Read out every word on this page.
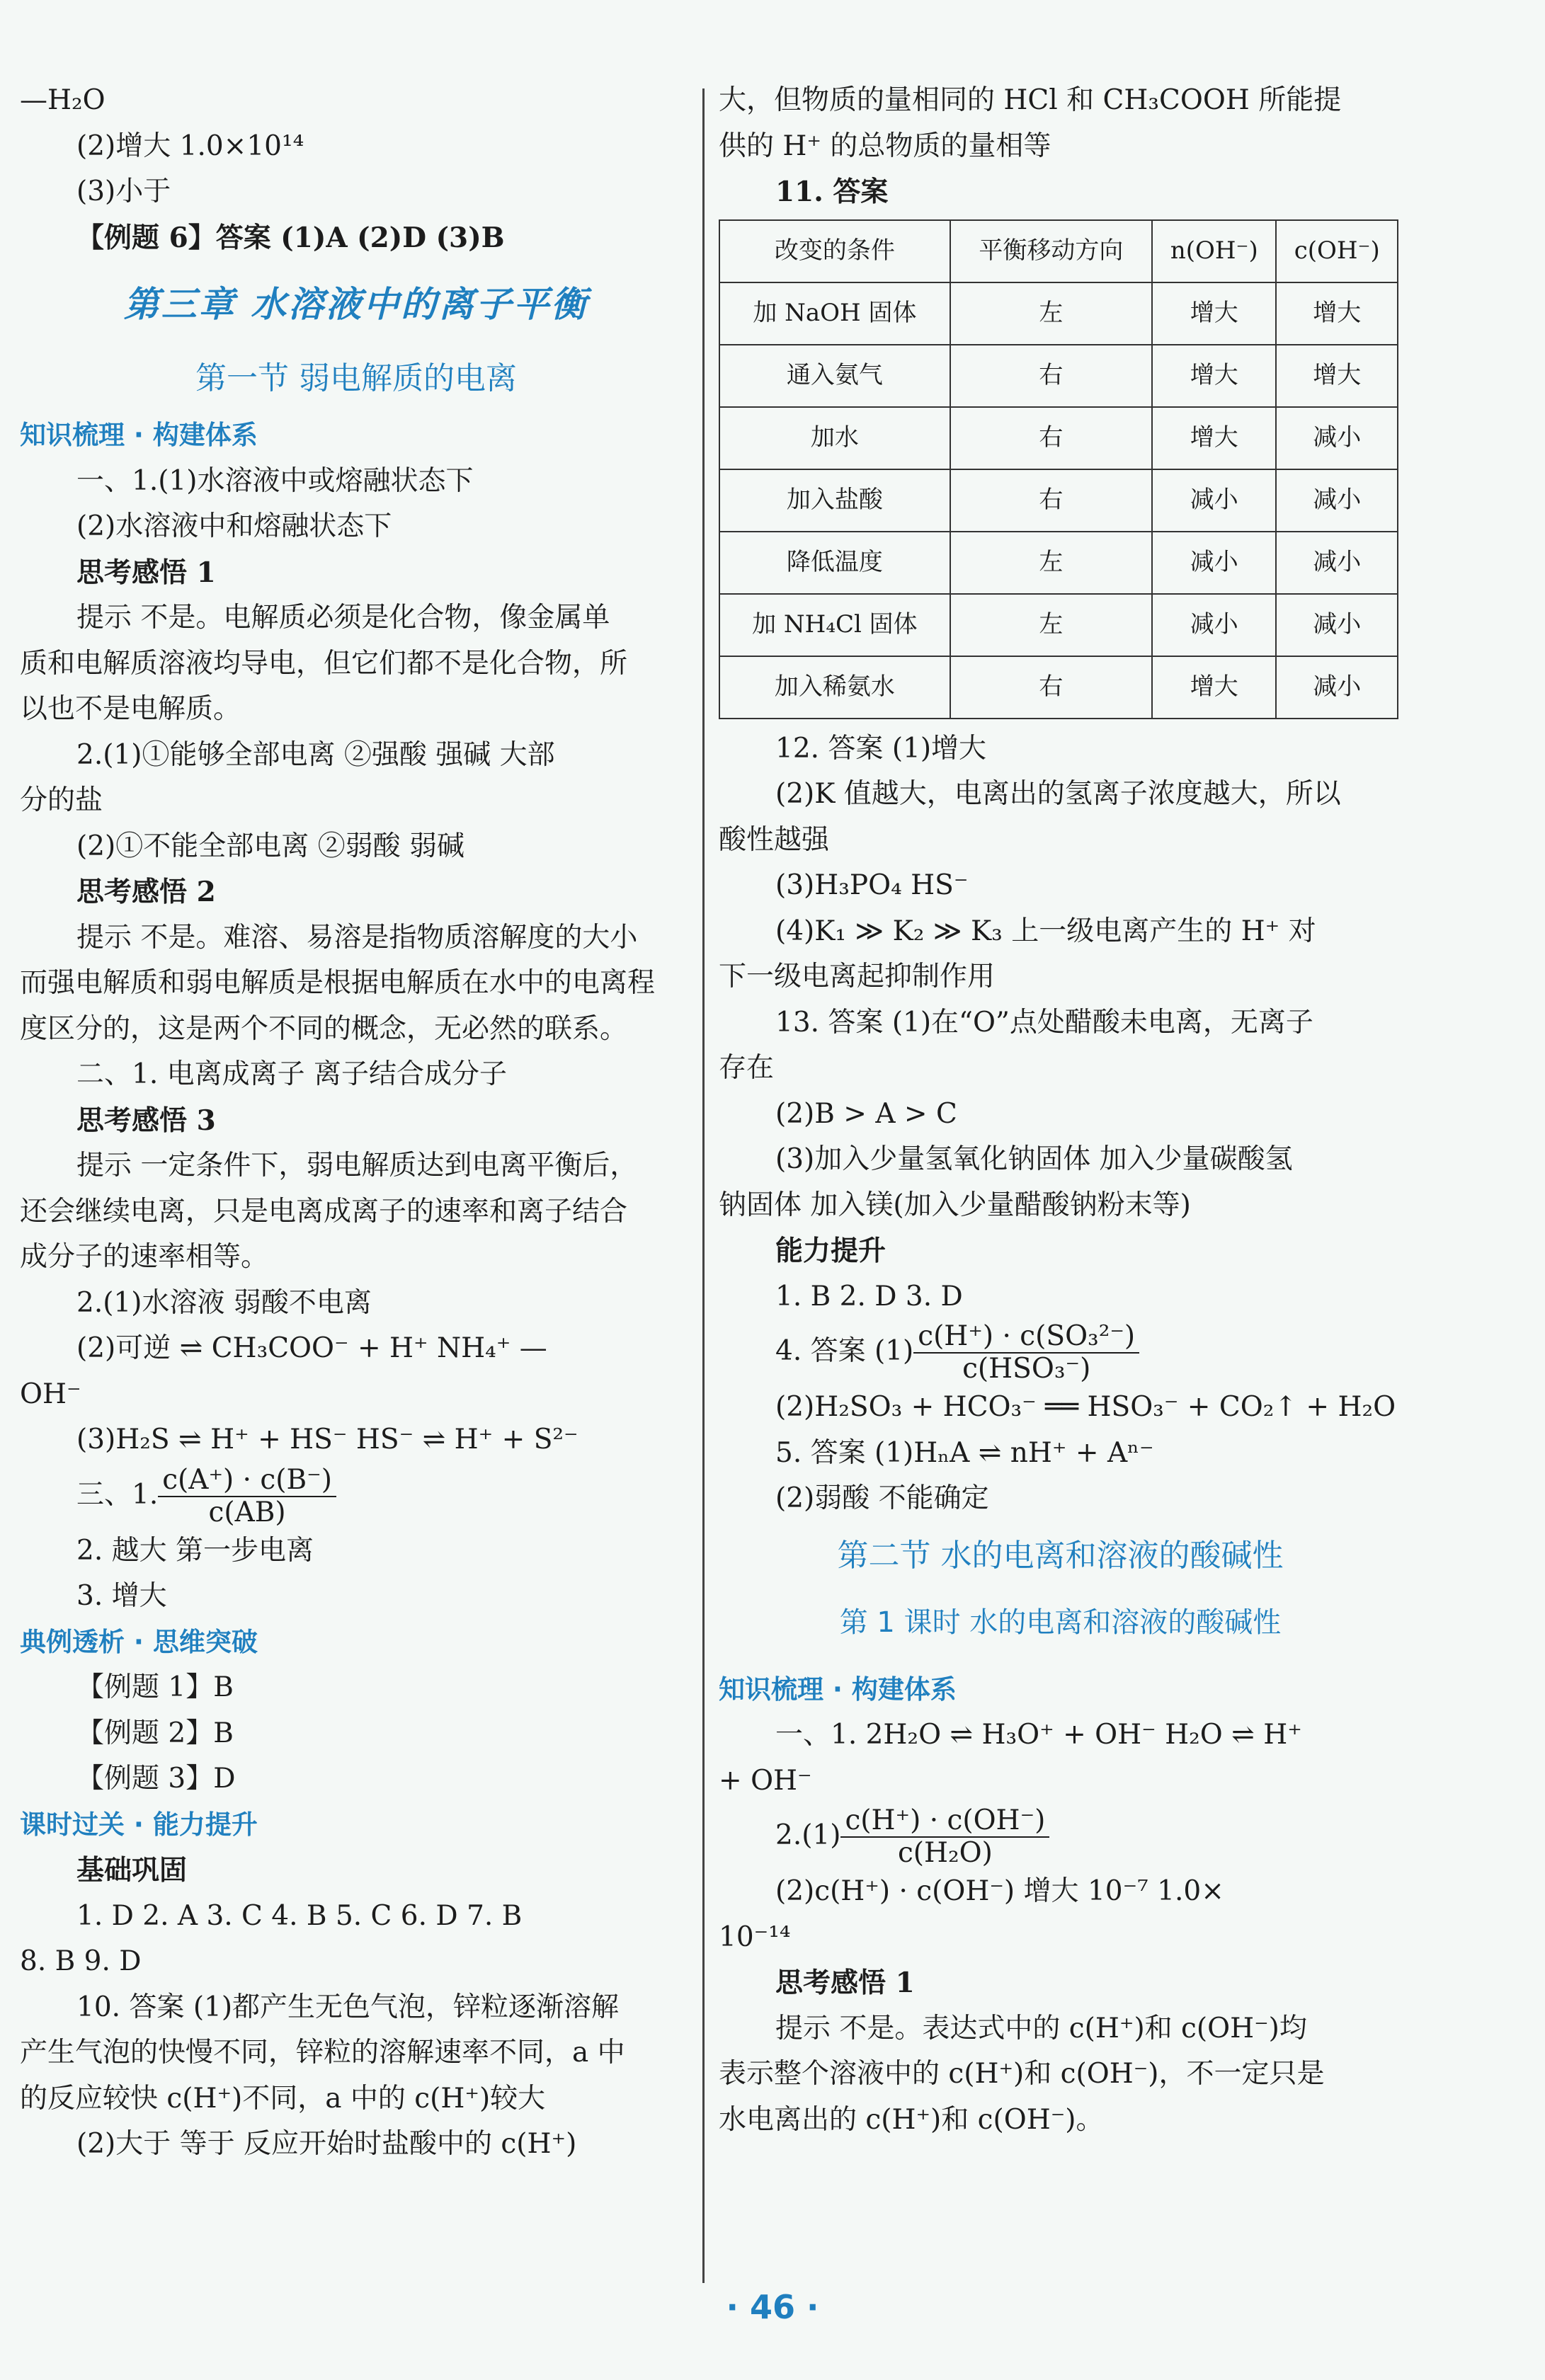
—H₂O
(2)增大 1.0×10¹⁴
(3)小于
【例题 6】答案 (1)A (2)D (3)B
第三章 水溶液中的离子平衡
第一节 弱电解质的电离
知识梳理 · 构建体系
一、1.(1)水溶液中或熔融状态下
(2)水溶液中和熔融状态下
思考感悟 1
提示 不是。电解质必须是化合物，像金属单
质和电解质溶液均导电，但它们都不是化合物，所
以也不是电解质。
2.(1)①能够全部电离 ②强酸 强碱 大部
分的盐
(2)①不能全部电离 ②弱酸 弱碱
思考感悟 2
提示 不是。难溶、易溶是指物质溶解度的大小
而强电解质和弱电解质是根据电解质在水中的电离程
度区分的，这是两个不同的概念，无必然的联系。
二、1. 电离成离子 离子结合成分子
思考感悟 3
提示 一定条件下，弱电解质达到电离平衡后，
还会继续电离，只是电离成离子的速率和离子结合
成分子的速率相等。
2.(1)水溶液 弱酸不电离
(2)可逆 ⇌ CH₃COO⁻ + H⁺ NH₄⁺ —
OH⁻
(3)H₂S ⇌ H⁺ + HS⁻ HS⁻ ⇌ H⁺ + S²⁻
三、1. $\frac{c(A^+) \cdot c(B^-)}{c(AB)}$
2. 越大 第一步电离
3. 增大
典例透析 · 思维突破
【例题 1】B
【例题 2】B
【例题 3】D
课时过关 · 能力提升
基础巩固
1. D 2. A 3. C 4. B 5. C 6. D 7. B
8. B 9. D
10. 答案 (1)都产生无色气泡，锌粒逐渐溶解
产生气泡的快慢不同，锌粒的溶解速率不同，a 中
的反应较快 c(H⁺)不同，a 中的 c(H⁺)较大
(2)大于 等于 反应开始时盐酸中的 c(H⁺)
大，但物质的量相同的 HCl 和 CH₃COOH 所能提
供的 H⁺ 的总物质的量相等
11. 答案
改变的条件	平衡移动方向	n(OH⁻)	c(OH⁻)
加 NaOH 固体	左	增大	增大
通入氨气	右	增大	增大
加水	右	增大	减小
加入盐酸	右	减小	减小
降低温度	左	减小	减小
加 NH₄Cl 固体	左	减小	减小
加入稀氨水	右	增大	减小
12. 答案 (1)增大
(2)K 值越大，电离出的氢离子浓度越大，所以
酸性越强
(3)H₃PO₄ HS⁻
(4)K₁ ≫ K₂ ≫ K₃ 上一级电离产生的 H⁺ 对
下一级电离起抑制作用
13. 答案 (1)在“O”点处醋酸未电离，无离子
存在
(2)B > A > C
(3)加入少量氢氧化钠固体 加入少量碳酸氢
钠固体 加入镁(加入少量醋酸钠粉末等)
能力提升
1. B 2. D 3. D
4. 答案 $(1) \frac{\text{c(H⁺) · c(SO₃²⁻)}}{\text{c(HSO₃⁻)}}$
(2)H₂SO₃ + HCO₃⁻ ══ HSO₃⁻ + CO₂↑ + H₂O
5. 答案 (1)HₙA ⇌ nH⁺ + Aⁿ⁻
(2)弱酸 不能确定
第二节 水的电离和溶液的酸碱性
第 1 课时 水的电离和溶液的酸碱性
知识梳理 · 构建体系
一、1. 2H₂O ⇌ H₃O⁺ + OH⁻ H₂O ⇌ H⁺
+ OH⁻
$2.(1) \frac{c(H^+) \cdot c(OH^-)}{\text{c(H₂O)}}$
(2)c(H⁺) · c(OH⁻) 增大 10⁻⁷ 1.0×
10⁻¹⁴
思考感悟 1
提示 不是。表达式中的 c(H⁺)和 c(OH⁻)均
表示整个溶液中的 c(H⁺)和 c(OH⁻)，不一定只是
水电离出的 c(H⁺)和 c(OH⁻)。
· 46 ·
